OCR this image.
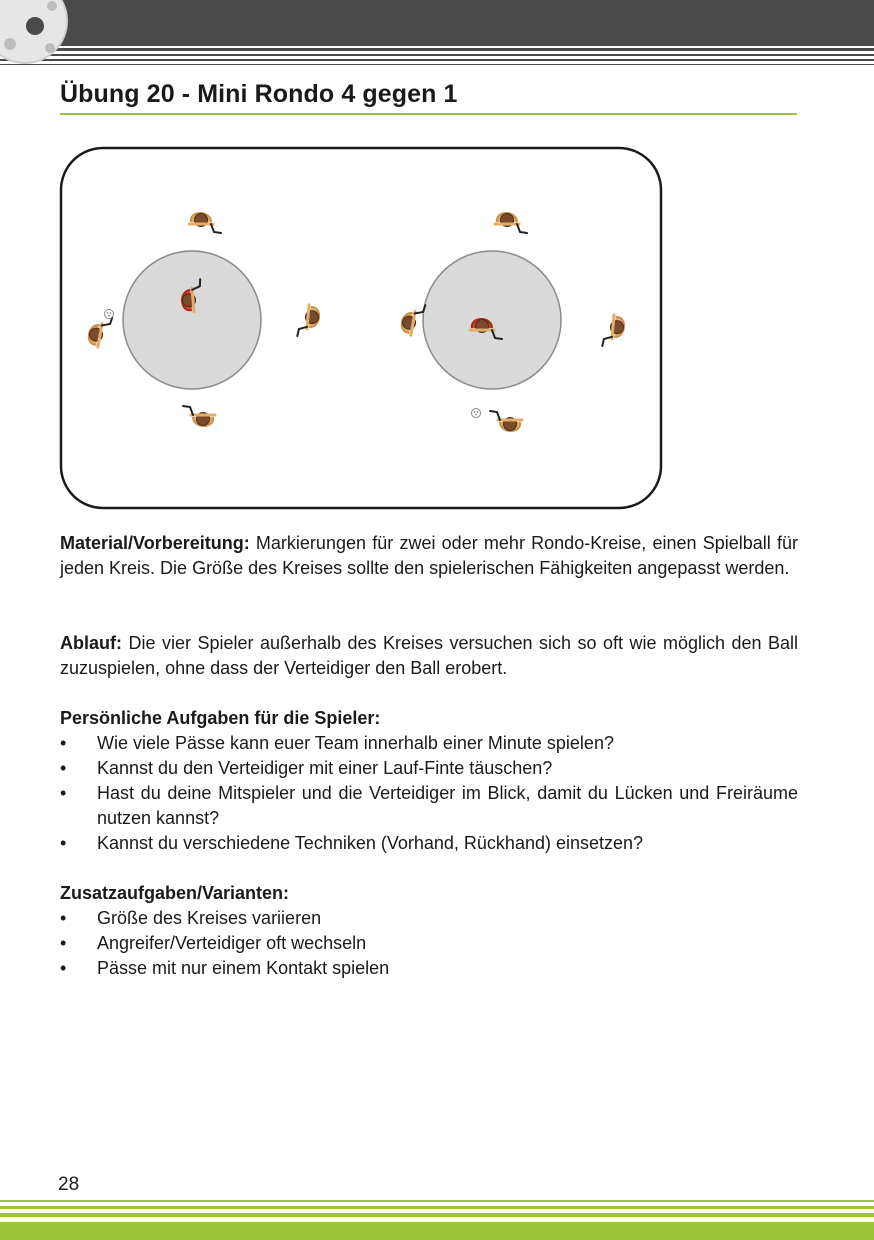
Übung 20 - Mini Rondo 4 gegen 1
Material/Vorbereitung: Markierungen für zwei oder mehr Rondo-Kreise, einen Spielball für jeden Kreis. Die Größe des Kreises sollte den spielerischen Fähigkeiten angepasst werden.
Ablauf: Die vier Spieler außerhalb des Kreises versuchen sich so oft wie möglich den Ball zuzuspielen, ohne dass der Verteidiger den Ball erobert.
Persönliche Aufgaben für die Spieler:
• Wie viele Pässe kann euer Team innerhalb einer Minute spielen?
• Kannst du den Verteidiger mit einer Lauf-Finte täuschen?
• Hast du deine Mitspieler und die Verteidiger im Blick, damit du Lücken und Freiräume nutzen kannst?
• Kannst du verschiedene Techniken (Vorhand, Rückhand) einsetzen?
Zusatzaufgaben/Varianten:
• Größe des Kreises variieren
• Angreifer/Verteidiger oft wechseln
• Pässe mit nur einem Kontakt spielen
28
